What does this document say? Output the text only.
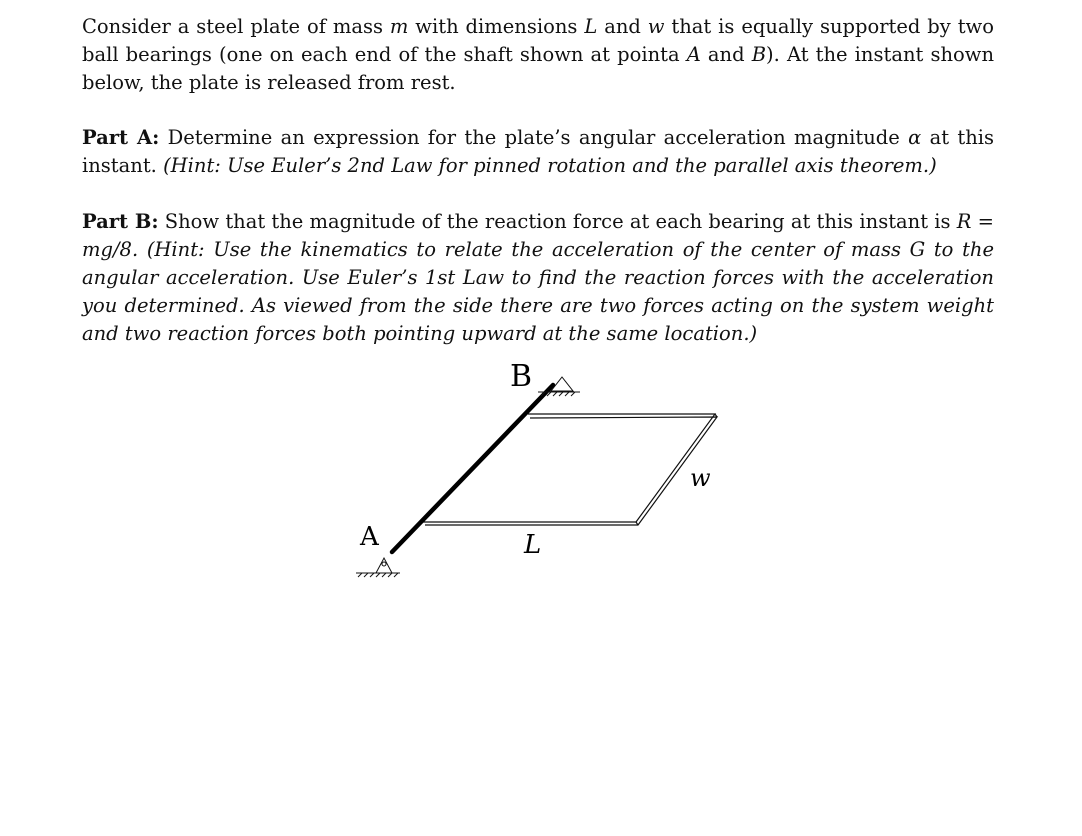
Consider a steel plate of mass m with dimensions L and w that is equally supported by two ball bearings (one on each end of the shaft shown at pointa A and B). At the instant shown below, the plate is released from rest.
Part A: Determine an expression for the plate’s angular acceleration magnitude α at this instant. (Hint: Use Euler’s 2nd Law for pinned rotation and the parallel axis theorem.)
Part B: Show that the magnitude of the reaction force at each bearing at this instant is R = mg/8. (Hint: Use the kinematics to relate the acceleration of the center of mass G to the angular acceleration. Use Euler’s 1st Law to find the reaction forces with the acceleration you determined. As viewed from the side there are two forces acting on the system weight and two reaction forces both pointing upward at the same location.)
B
A
w
L
